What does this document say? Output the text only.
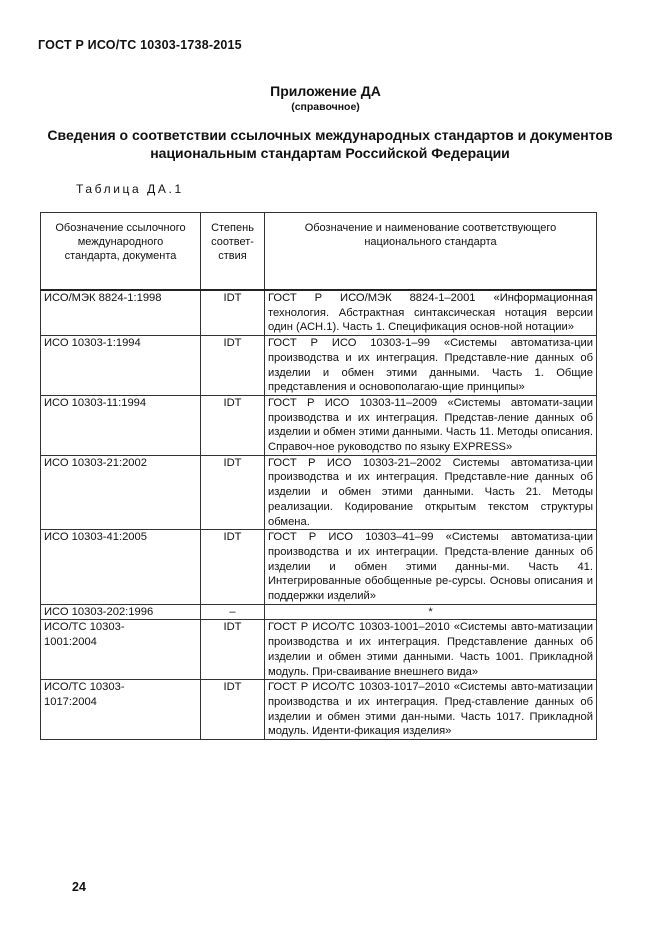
ГОСТ Р ИСО/ТС 10303-1738-2015
Приложение ДА
(справочное)
Сведения о соответствии ссылочных международных стандартов и документов национальным стандартам Российской Федерации
Таблица ДА.1
Обозначение ссылочного международного стандарта, документа	Степень соответ-ствия	Обозначение и наименование соответствующего национального стандарта
ИСО/МЭК 8824-1:1998	IDT	ГОСТ Р ИСО/МЭК 8824-1–2001 «Информационная технология. Абстрактная синтаксическая нотация версии один (АСН.1). Часть 1. Спецификация основ-ной нотации»
ИСО 10303-1:1994	IDT	ГОСТ Р ИСО 10303-1–99 «Системы автоматиза-ции производства и их интеграция. Представле-ние данных об изделии и обмен этими данными. Часть 1. Общие представления и основополагаю-щие принципы»
ИСО 10303-11:1994	IDT	ГОСТ Р ИСО 10303-11–2009 «Системы автомати-зации производства и их интеграция. Представ-ление данных об изделии и обмен этими данными. Часть 11. Методы описания. Справоч-ное руководство по языку EXPRESS»
ИСО 10303-21:2002	IDT	ГОСТ Р ИСО 10303-21–2002 Системы автоматиза-ции производства и их интеграция. Представле-ние данных об изделии и обмен этими данными. Часть 21. Методы реализации. Кодирование открытым текстом структуры обмена.
ИСО 10303-41:2005	IDT	ГОСТ Р ИСО 10303–41–99 «Системы автоматиза-ции производства и их интеграции. Предста-вление данных об изделии и обмен этими данны-ми. Часть 41. Интегрированные обобщенные ре-сурсы. Основы описания и поддержки изделий»
ИСО 10303-202:1996	–	*
ИСО/ТС 10303-1001:2004	IDT	ГОСТ Р ИСО/ТС 10303-1001–2010 «Системы авто-матизации производства и их интеграция. Представление данных об изделии и обмен этими данными. Часть 1001. Прикладной модуль. При-сваивание внешнего вида»
ИСО/ТС 10303-1017:2004	IDT	ГОСТ Р ИСО/ТС 10303-1017–2010 «Системы авто-матизации производства и их интеграция. Пред-ставление данных об изделии и обмен этими дан-ными. Часть 1017. Прикладной модуль. Иденти-фикация изделия»
24
